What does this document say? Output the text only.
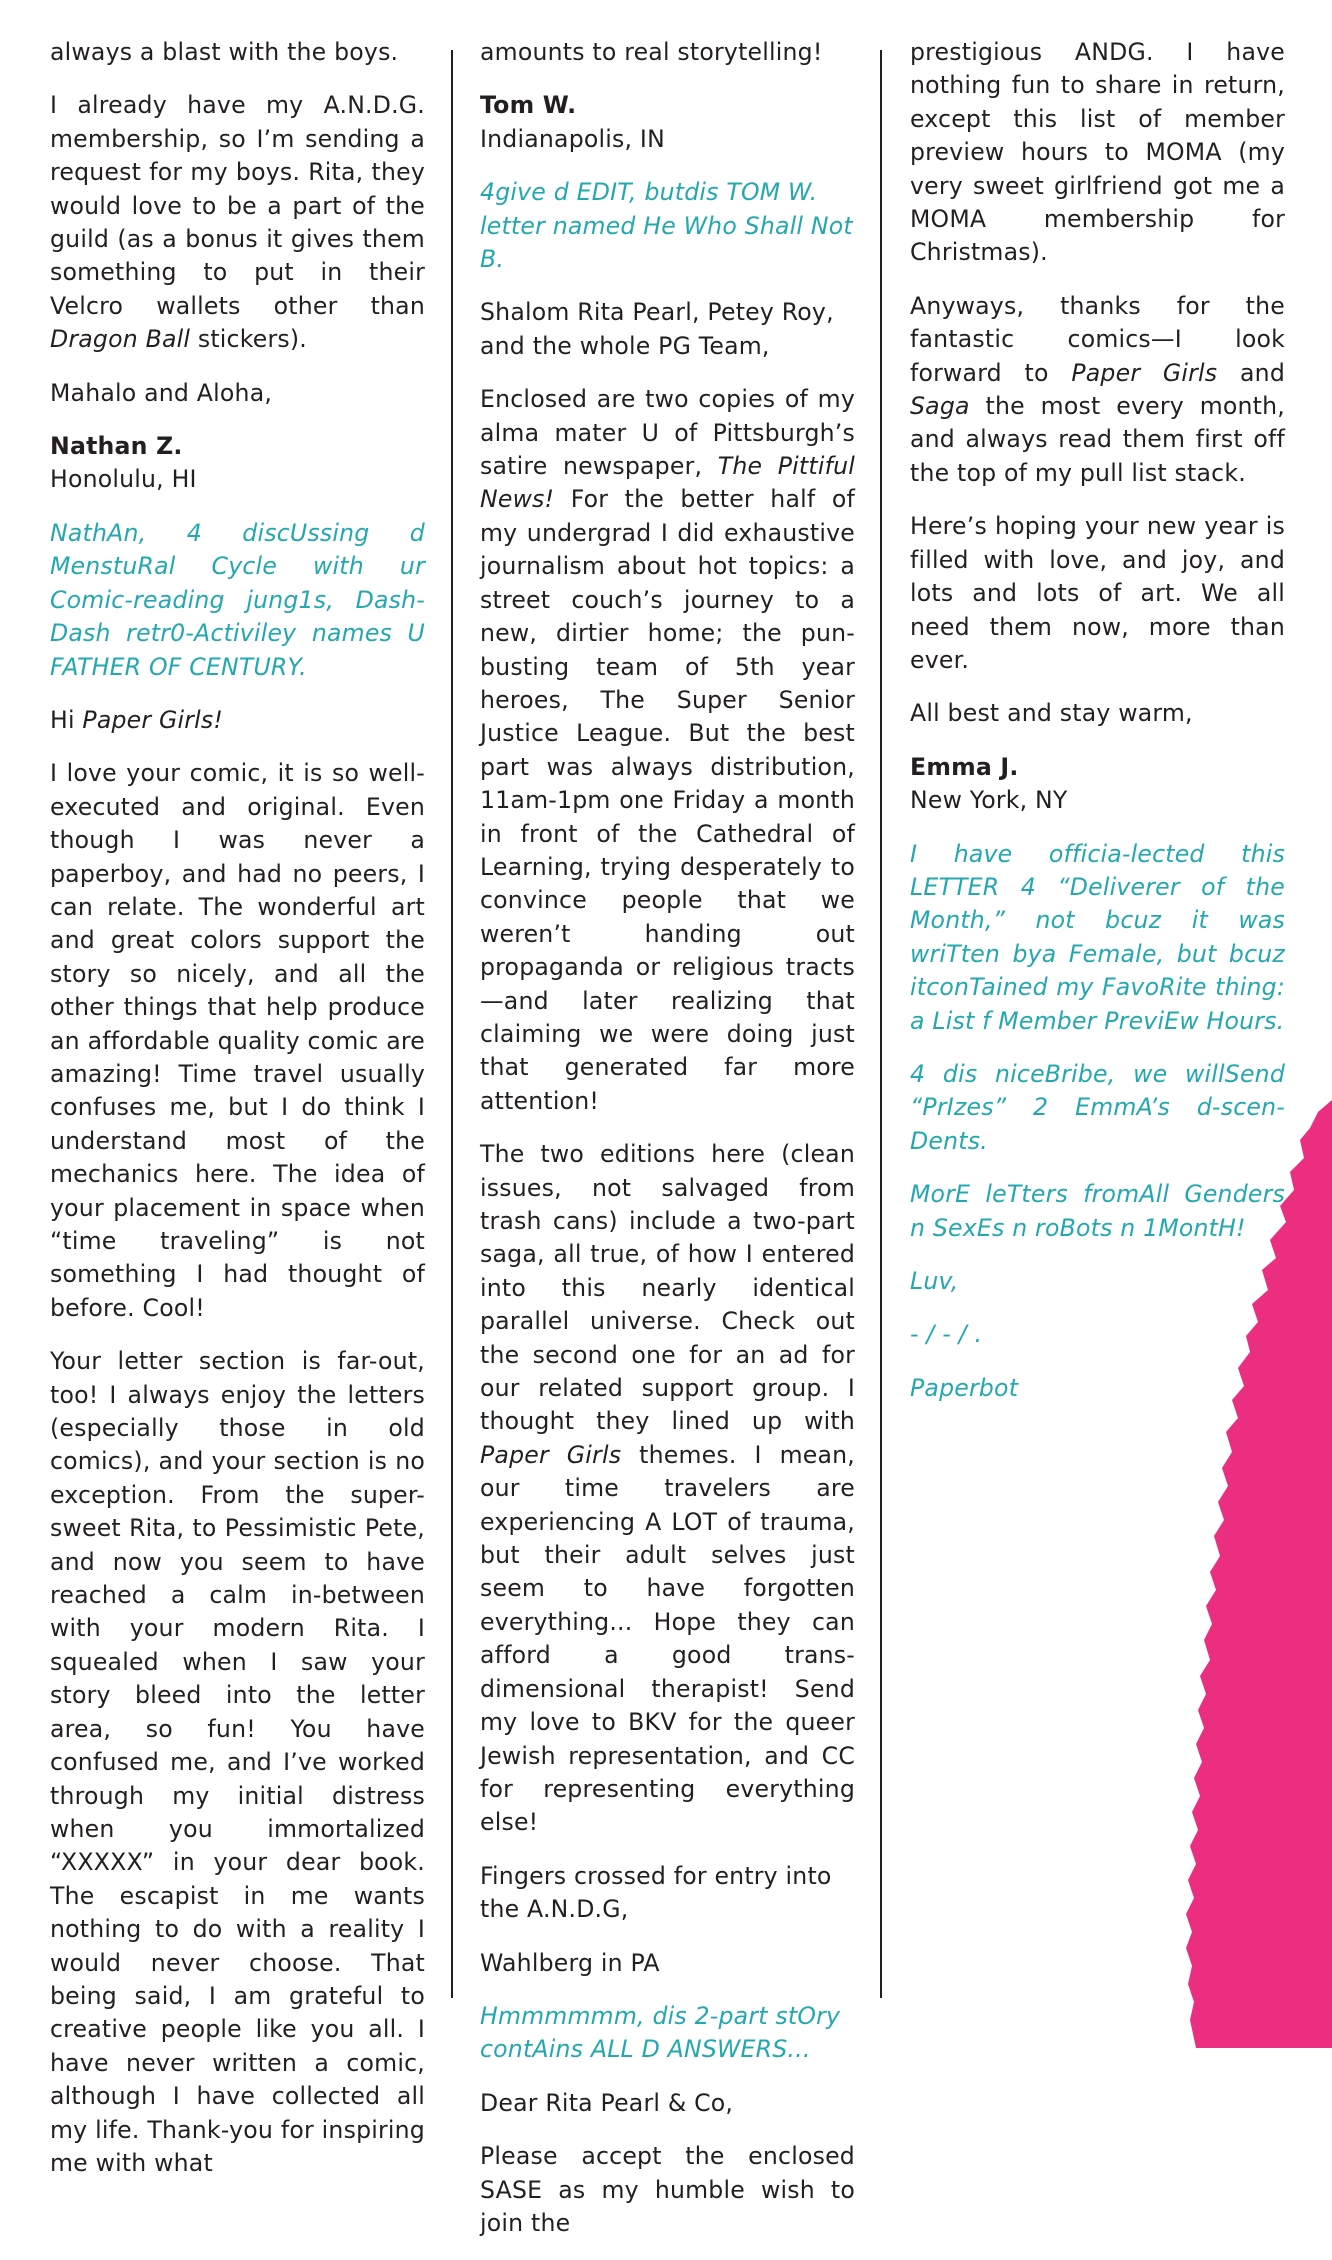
always a blast with the boys.

I already have my A.N.D.G. membership, so I’m sending a request for my boys. Rita, they would love to be a part of the guild (as a bonus it gives them something to put in their Velcro wallets other than Dragon Ball stickers).

Mahalo and Aloha,

Nathan Z.
Honolulu, HI

NathAn, 4 discUssing d MenstuRal Cycle with ur Comic-reading jung1s, Dash-Dash retr0-Activiley names U FATHER OF CENTURY.

Hi Paper Girls!

I love your comic, it is so well-executed and original. Even though I was never a paperboy, and had no peers, I can relate. The wonderful art and great colors support the story so nicely, and all the other things that help produce an affordable quality comic are amazing! Time travel usually confuses me, but I do think I understand most of the mechanics here. The idea of your placement in space when “time traveling” is not something I had thought of before. Cool!

Your letter section is far-out, too! I always enjoy the letters (especially those in old comics), and your section is no exception. From the super-sweet Rita, to Pessimistic Pete, and now you seem to have reached a calm in-between with your modern Rita. I squealed when I saw your story bleed into the letter area, so fun! You have confused me, and I’ve worked through my initial distress when you immortalized “XXXXX” in your dear book. The escapist in me wants nothing to do with a reality I would never choose. That being said, I am grateful to creative people like you all. I have never written a comic, although I have collected all my life. Thank-you for inspiring me with what

amounts to real storytelling!

Tom W.
Indianapolis, IN

4give d EDIT, butdis TOM W. letter named He Who Shall Not B.

Shalom Rita Pearl, Petey Roy, and the whole PG Team,

Enclosed are two copies of my alma mater U of Pittsburgh’s satire newspaper, The Pittiful News! For the better half of my undergrad I did exhaustive journalism about hot topics: a street couch’s journey to a new, dirtier home; the pun-busting team of 5th year heroes, The Super Senior Justice League. But the best part was always distribution, 11am-1pm one Friday a month in front of the Cathedral of Learning, trying desperately to convince people that we weren’t handing out propaganda or religious tracts—and later realizing that claiming we were doing just that generated far more attention!

The two editions here (clean issues, not salvaged from trash cans) include a two-part saga, all true, of how I entered into this nearly identical parallel universe. Check out the second one for an ad for our related support group. I thought they lined up with Paper Girls themes. I mean, our time travelers are experiencing A LOT of trauma, but their adult selves just seem to have forgotten everything... Hope they can afford a good trans-dimensional therapist! Send my love to BKV for the queer Jewish representation, and CC for representing everything else!

Fingers crossed for entry into the A.N.D.G,

Wahlberg in PA

Hmmmmmm, dis 2-part stOry contAins ALL D ANSWERS...

Dear Rita Pearl & Co,

Please accept the enclosed SASE as my humble wish to join the

prestigious ANDG. I have nothing fun to share in return, except this list of member preview hours to MOMA (my very sweet girlfriend got me a MOMA membership for Christmas).

Anyways, thanks for the fantastic comics—I look forward to Paper Girls and Saga the most every month, and always read them first off the top of my pull list stack.

Here’s hoping your new year is filled with love, and joy, and lots and lots of art. We all need them now, more than ever.

All best and stay warm,

Emma J.
New York, NY

I have officia-lected this LETTER 4 “Deliverer of the Month,” not bcuz it was wriTten bya Female, but bcuz itconTained my FavoRite thing: a List f Member PreviEw Hours.

4 dis niceBribe, we willSend “PrIzes” 2 EmmA’s d-scen-Dents.

MorE leTters fromAll Genders n SexEs n roBots n 1MontH!

Luv,

- / - / .

Paperbot
